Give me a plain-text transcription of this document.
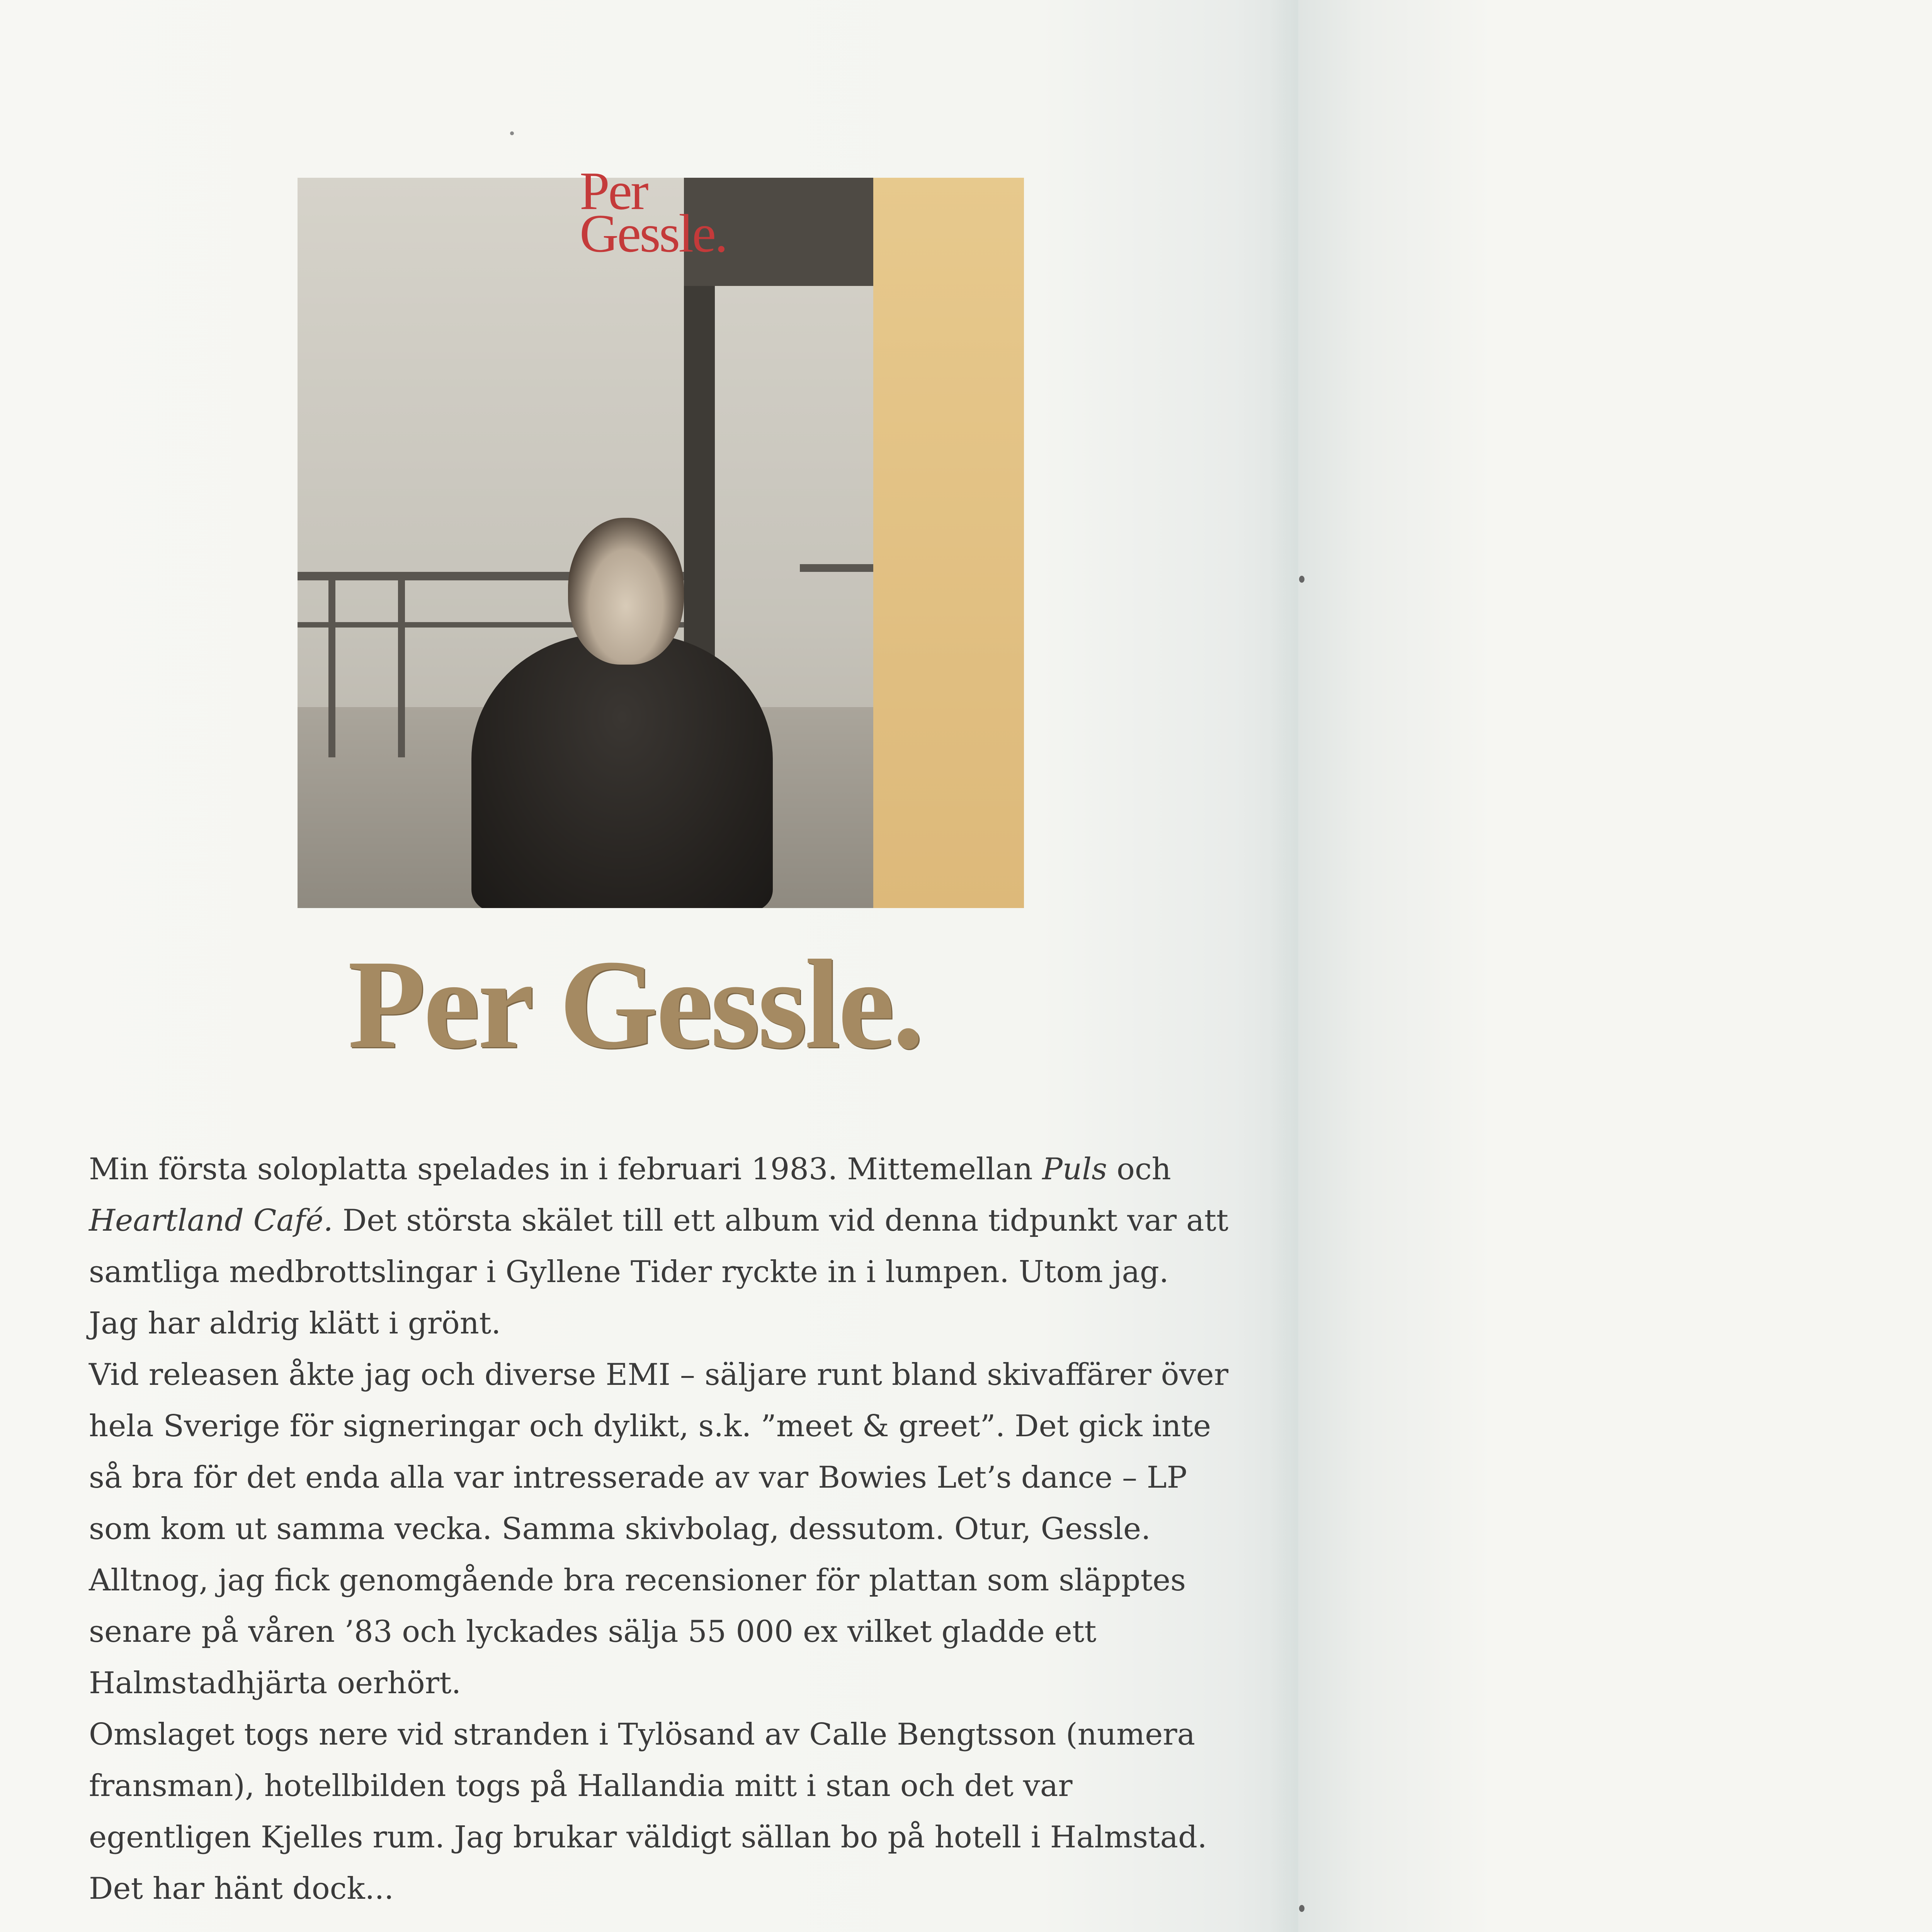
Per
Gessle.
Per Gessle.

Min första soloplatta spelades in i februari 1983. Mittemellan Puls och Heartland Café. Det största skälet till ett album vid denna tidpunkt var att samtliga medbrottslingar i Gyllene Tider ryckte in i lumpen. Utom jag.

Jag har aldrig klätt i grönt.

Vid releasen åkte jag och diverse EMI – säljare runt bland skivaffärer över hela Sverige för signeringar och dylikt, s.k. ”meet & greet”. Det gick inte så bra för det enda alla var intresserade av var Bowies Let’s dance – LP som kom ut samma vecka. Samma skivbolag, dessutom. Otur, Gessle. Alltnog, jag fick genomgående bra recensioner för plattan som släpptes senare på våren ’83 och lyckades sälja 55 000 ex vilket gladde ett Halmstadhjärta oerhört.

Omslaget togs nere vid stranden i Tylösand av Calle Bengtsson (numera fransman), hotellbilden togs på Hallandia mitt i stan och det var egentligen Kjelles rum. Jag brukar väldigt sällan bo på hotell i Halmstad. Det har hänt dock...
